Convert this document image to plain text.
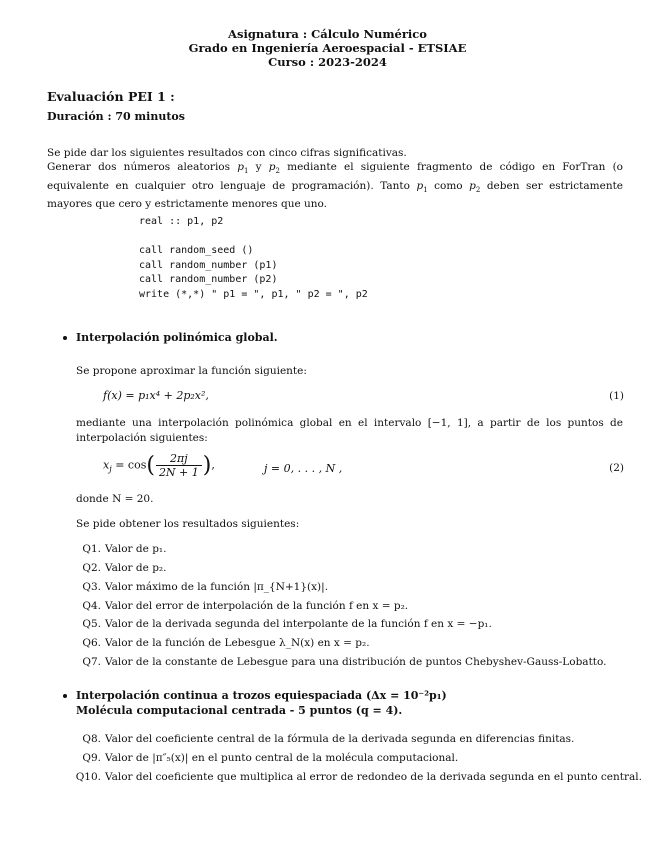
Asignatura : Cálculo Numérico
Grado en Ingeniería Aeroespacial - ETSIAE
Curso : 2023-2024
Evaluación PEI 1 :
Duración : 70 minutos
Se pide dar los siguientes resultados con cinco cifras significativas.
Generar dos números aleatorios $p_1$ y $p_2$ mediante el siguiente fragmento de código en ForTran (o equivalente en cualquier otro lenguaje de programación). Tanto $p_1$ como $p_2$ deben ser estrictamente mayores que cero y estrictamente menores que uno.
real :: p1, p2

call random_seed ()
call random_number (p1)
call random_number (p2)
write (*,*) " p1 = ", p1, " p2 = ", p2
Interpolación polinómica global.
Se propone aproximar la función siguiente:
f(x) = p₁x⁴ + 2p₂x²,	(1)
mediante una interpolación polinómica global en el intervalo [−1, 1], a partir de los puntos de interpolación siguientes:
$x_j = \cos( \frac{2\pi j}{2N + 1}$ ),	j = 0, . . . , N ,	(2)
donde N = 20.
Se pide obtener los resultados siguientes:
Q1. Valor de p₁.
Q2. Valor de p₂.
Q3. Valor máximo de la función |π_{N+1}(x)|.
Q4. Valor del error de interpolación de la función f en x = p₂.
Q5. Valor de la derivada segunda del interpolante de la función f en x = −p₁.
Q6. Valor de la función de Lebesgue λ_N(x) en x = p₂.
Q7. Valor de la constante de Lebesgue para una distribución de puntos Chebyshev-Gauss-Lobatto.
Interpolación continua a trozos equiespaciada (Δx = 10⁻²p₁)
Molécula computacional centrada - 5 puntos (q = 4).
Q8. Valor del coeficiente central de la fórmula de la derivada segunda en diferencias finitas.
Q9. Valor de |π″₅(x)| en el punto central de la molécula computacional.
Q10. Valor del coeficiente que multiplica al error de redondeo de la derivada segunda en el punto central.
